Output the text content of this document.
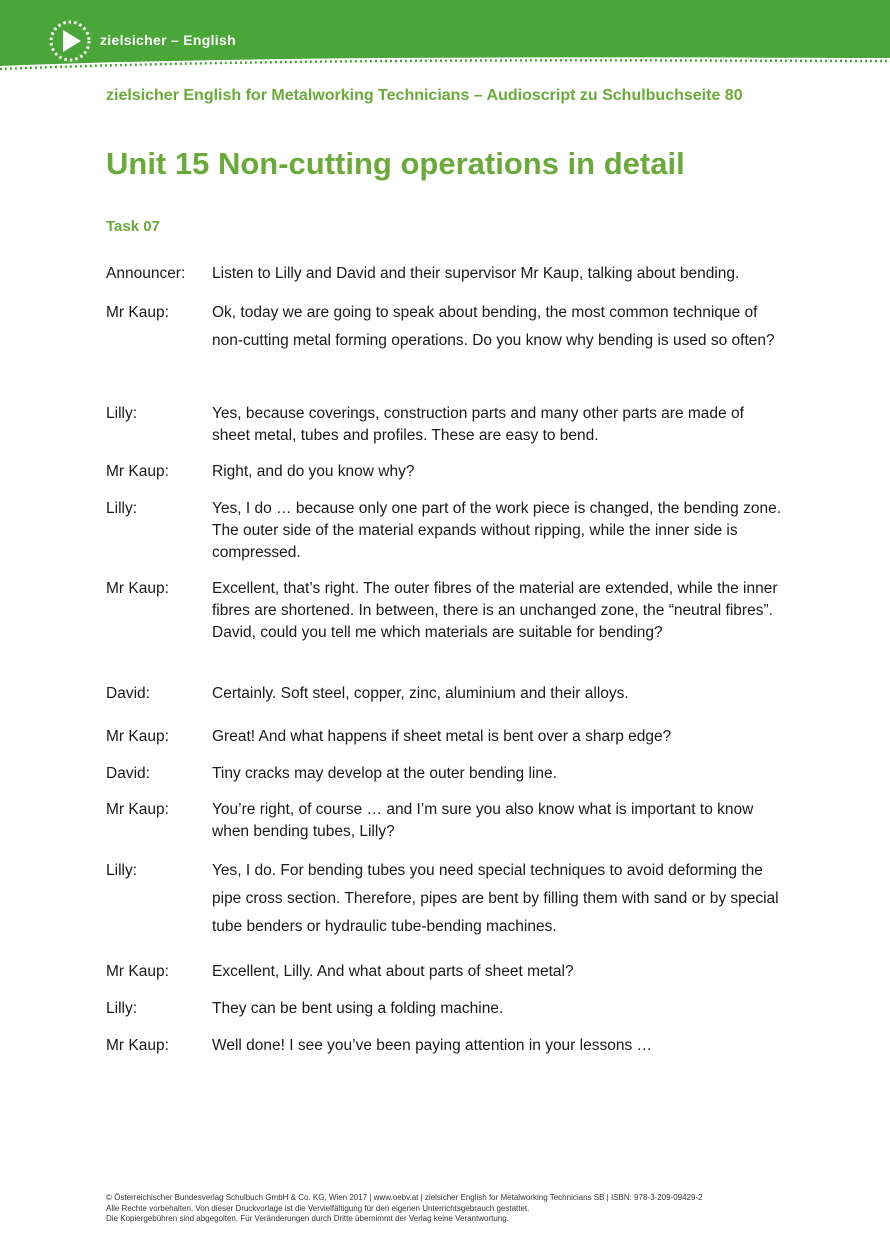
zielsicher – English
zielsicher English for Metalworking Technicians – Audioscript zu Schulbuchseite 80
Unit 15 Non-cutting operations in detail
Task 07
Announcer:	Listen to Lilly and David and their supervisor Mr Kaup, talking about bending.
Mr Kaup:	Ok, today we are going to speak about bending, the most common technique of non-cutting metal forming operations. Do you know why bending is used so often?
Lilly:	Yes, because coverings, construction parts and many other parts are made of sheet metal, tubes and profiles. These are easy to bend.
Mr Kaup:	Right, and do you know why?
Lilly:	Yes, I do … because only one part of the work piece is changed, the bending zone. The outer side of the material expands without ripping, while the inner side is compressed.
Mr Kaup:	Excellent, that’s right. The outer fibres of the material are extended, while the inner fibres are shortened. In between, there is an unchanged zone, the “neutral fibres”. David, could you tell me which materials are suitable for bending?
David:	Certainly. Soft steel, copper, zinc, aluminium and their alloys.
Mr Kaup:	Great! And what happens if sheet metal is bent over a sharp edge?
David:	Tiny cracks may develop at the outer bending line.
Mr Kaup:	You’re right, of course … and I’m sure you also know what is important to know when bending tubes, Lilly?
Lilly:	Yes, I do. For bending tubes you need special techniques to avoid deforming the pipe cross section. Therefore, pipes are bent by filling them with sand or by special tube benders or hydraulic tube-bending machines.
Mr Kaup:	Excellent, Lilly. And what about parts of sheet metal?
Lilly:	They can be bent using a folding machine.
Mr Kaup:	Well done! I see you’ve been paying attention in your lessons …
© Österreichischer Bundesverlag Schulbuch GmbH & Co. KG, Wien 2017 | www.oebv.at | zielsicher English for Metalworking Technicians SB | ISBN: 978-3-209-09429-2
Alle Rechte vorbehalten. Von dieser Druckvorlage ist die Vervielfältigung für den eigenen Unterrichtsgebrauch gestattet.
Die Kopiergebühren sind abgegolten. Für Veränderungen durch Dritte übernimmt der Verlag keine Verantwortung.
